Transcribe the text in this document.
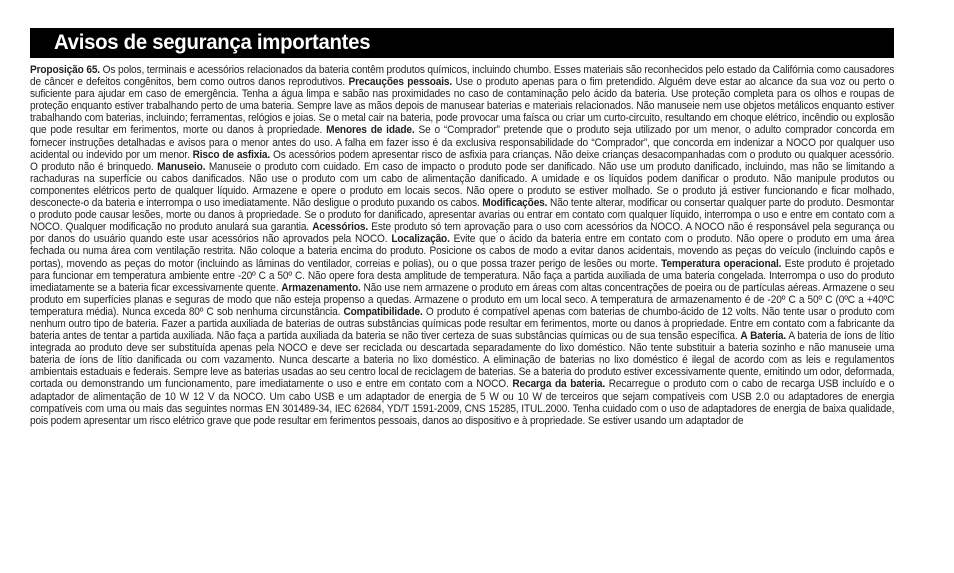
Avisos de segurança importantes
Proposição 65. Os polos, terminais e acessórios relacionados da bateria contêm produtos químicos, incluindo chumbo. Esses materiais são reconhecidos pelo estado da Califórnia como causadores de câncer e defeitos congênitos, bem como outros danos reprodutivos. Precauções pessoais. Use o produto apenas para o fim pretendido. Alguém deve estar ao alcance da sua voz ou perto o suficiente para ajudar em caso de emergência. Tenha a água limpa e sabão nas proximidades no caso de contaminação pelo ácido da bateria. Use proteção completa para os olhos e roupas de proteção enquanto estiver trabalhando perto de uma bateria. Sempre lave as mãos depois de manusear baterias e materiais relacionados. Não manuseie nem use objetos metálicos enquanto estiver trabalhando com baterias, incluindo; ferramentas, relógios e joias. Se o metal cair na bateria, pode provocar uma faísca ou criar um curto-circuito, resultando em choque elétrico, incêndio ou explosão que pode resultar em ferimentos, morte ou danos à propriedade. Menores de idade. Se o “Comprador” pretende que o produto seja utilizado por um menor, o adulto comprador concorda em fornecer instruções detalhadas e avisos para o menor antes do uso. A falha em fazer isso é da exclusiva responsabilidade do “Comprador”, que concorda em indenizar a NOCO por qualquer uso acidental ou indevido por um menor. Risco de asfixia. Os acessórios podem apresentar risco de asfixia para crianças. Não deixe crianças desacompanhadas com o produto ou qualquer acessório. O produto não é brinquedo. Manuseio. Manuseie o produto com cuidado. Em caso de impacto o produto pode ser danificado. Não use um produto danificado, incluindo, mas não se limitando a rachaduras na superfície ou cabos danificados. Não use o produto com um cabo de alimentação danificado. A umidade e os líquidos podem danificar o produto. Não manipule produtos ou componentes elétricos perto de qualquer líquido. Armazene e opere o produto em locais secos. Não opere o produto se estiver molhado. Se o produto já estiver funcionando e ficar molhado, desconecte-o da bateria e interrompa o uso imediatamente. Não desligue o produto puxando os cabos. Modificações. Não tente alterar, modificar ou consertar qualquer parte do produto. Desmontar o produto pode causar lesões, morte ou danos à propriedade. Se o produto for danificado, apresentar avarias ou entrar em contato com qualquer líquido, interrompa o uso e entre em contato com a NOCO. Qualquer modificação no produto anulará sua garantia. Acessórios. Este produto só tem aprovação para o uso com acessórios da NOCO. A NOCO não é responsável pela segurança ou por danos do usuário quando este usar acessórios não aprovados pela NOCO. Localização. Evite que o ácido da bateria entre em contato com o produto. Não opere o produto em uma área fechada ou numa área com ventilação restrita. Não coloque a bateria encima do produto. Posicione os cabos de modo a evitar danos acidentais, movendo as peças do veículo (incluindo capôs e portas), movendo as peças do motor (incluindo as lâminas do ventilador, correias e polias), ou o que possa trazer perigo de lesões ou morte. Temperatura operacional. Este produto é projetado para funcionar em temperatura ambiente entre -20º C a 50º C. Não opere fora desta amplitude de temperatura. Não faça a partida auxiliada de uma bateria congelada. Interrompa o uso do produto imediatamente se a bateria ficar excessivamente quente. Armazenamento. Não use nem armazene o produto em áreas com altas concentrações de poeira ou de partículas aéreas. Armazene o seu produto em superfícies planas e seguras de modo que não esteja propenso a quedas. Armazene o produto em um local seco. A temperatura de armazenamento é de -20º C a 50º C (0ºC a +40ºC temperatura média). Nunca exceda 80º C sob nenhuma circunstância. Compatibilidade. O produto é compatível apenas com baterias de chumbo-ácido de 12 volts. Não tente usar o produto com nenhum outro tipo de bateria. Fazer a partida auxiliada de baterias de outras substâncias químicas pode resultar em ferimentos, morte ou danos à propriedade. Entre em contato com a fabricante da bateria antes de tentar a partida auxiliada. Não faça a partida auxiliada da bateria se não tiver certeza de suas substâncias químicas ou de sua tensão específica. A Bateria. A bateria de íons de lítio integrada ao produto deve ser substituída apenas pela NOCO e deve ser reciclada ou descartada separadamente do lixo doméstico. Não tente substituir a bateria sozinho e não manuseie uma bateria de íons de lítio danificada ou com vazamento. Nunca descarte a bateria no lixo doméstico. A eliminação de baterias no lixo doméstico é ilegal de acordo com as leis e regulamentos ambientais estaduais e federais. Sempre leve as baterias usadas ao seu centro local de reciclagem de baterias. Se a bateria do produto estiver excessivamente quente, emitindo um odor, deformada, cortada ou demonstrando um funcionamento, pare imediatamente o uso e entre em contato com a NOCO. Recarga da bateria. Recarregue o produto com o cabo de recarga USB incluído e o adaptador de alimentação de 10 W 12 V da NOCO. Um cabo USB e um adaptador de energia de 5 W ou 10 W de terceiros que sejam compatíveis com USB 2.0 ou adaptadores de energia compatíveis com uma ou mais das seguintes normas EN 301489-34, IEC 62684, YD/T 1591-2009, CNS 15285, ITUL.2000. Tenha cuidado com o uso de adaptadores de energia de baixa qualidade, pois podem apresentar um risco elétrico grave que pode resultar em ferimentos pessoais, danos ao dispositivo e à propriedade. Se estiver usando um adaptador de
